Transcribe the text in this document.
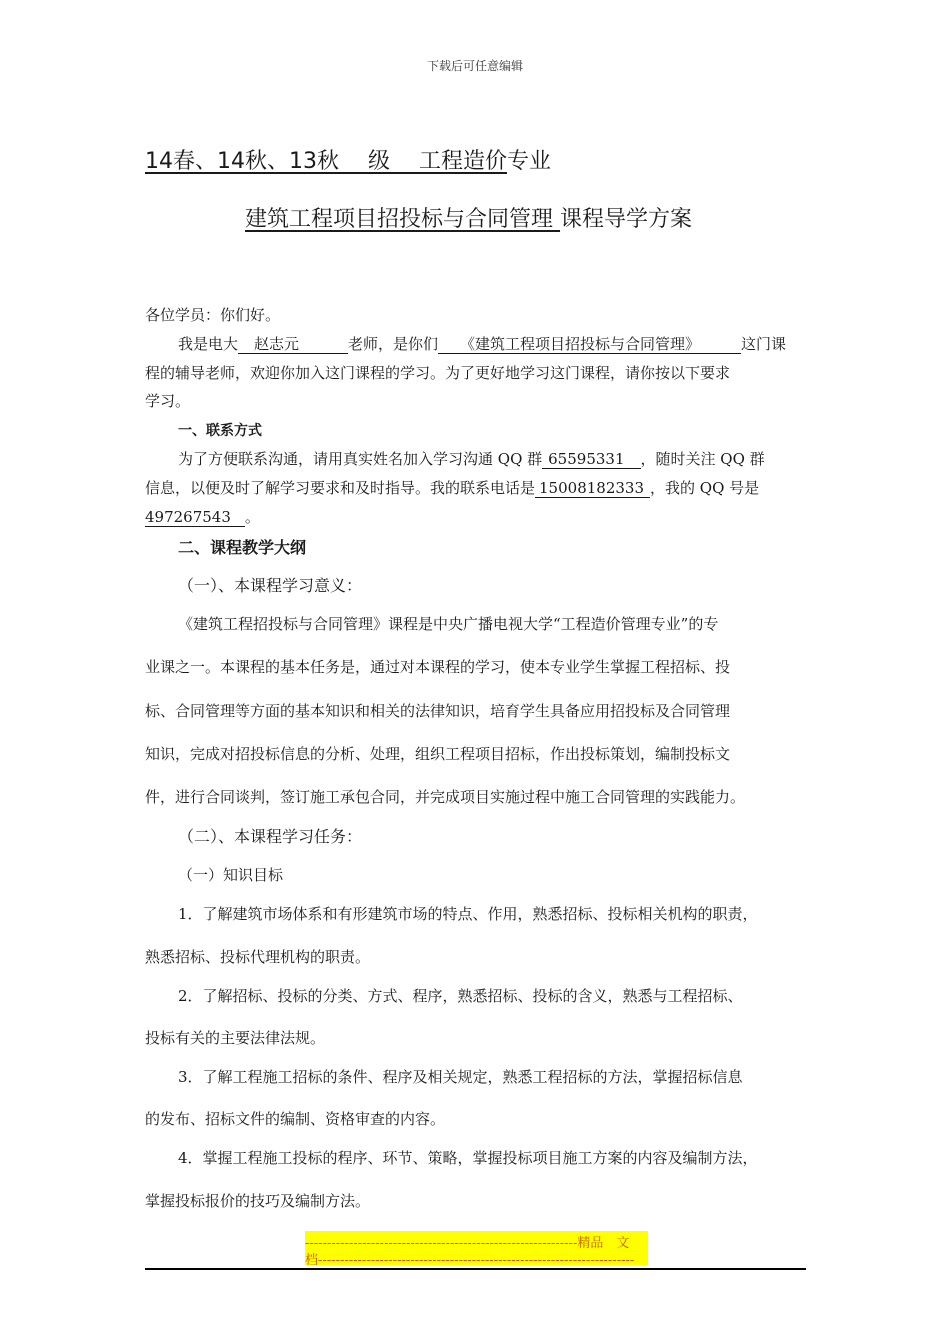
下载后可任意编辑
14春、14秋、13秋　 级　 工程造价专业
建筑工程项目招投标与合同管理 课程导学方案
各位学员：你们好。
我是电大 赵志元	老师，是你们 《建筑工程项目招投标与合同管理》	这门课
程的辅导老师，欢迎你加入这门课程的学习。为了更好地学习这门课程，请你按以下要求
学习。
一、联系方式
为了方便联系沟通，请用真实姓名加入学习沟通 QQ 群 65595331 ，随时关注 QQ 群
信息，以便及时了解学习要求和及时指导。我的联系电话是 15008182333 ，我的 QQ 号是
497267543 。
二、课程教学大纲
（一）、本课程学习意义：
《建筑工程招投标与合同管理》课程是中央广播电视大学“工程造价管理专业”的专
业课之一。本课程的基本任务是，通过对本课程的学习，使本专业学生掌握工程招标、投
标、合同管理等方面的基本知识和相关的法律知识，培育学生具备应用招投标及合同管理
知识，完成对招投标信息的分析、处理，组织工程项目招标，作出投标策划，编制投标文
件，进行合同谈判，签订施工承包合同，并完成项目实施过程中施工合同管理的实践能力。
（二）、本课程学习任务：
（一）知识目标
1．了解建筑市场体系和有形建筑市场的特点、作用，熟悉招标、投标相关机构的职责，
熟悉招标、投标代理机构的职责。
2．了解招标、投标的分类、方式、程序，熟悉招标、投标的含义，熟悉与工程招标、
投标有关的主要法律法规。
3．了解工程施工招标的条件、程序及相关规定，熟悉工程招标的方法，掌握招标信息
的发布、招标文件的编制、资格审查的内容。
4．掌握工程施工投标的程序、环节、策略，掌握投标项目施工方案的内容及编制方法，
掌握投标报价的技巧及编制方法。
--------------------------------------------------------------精品　文
档------------------------------------------------------------------------
